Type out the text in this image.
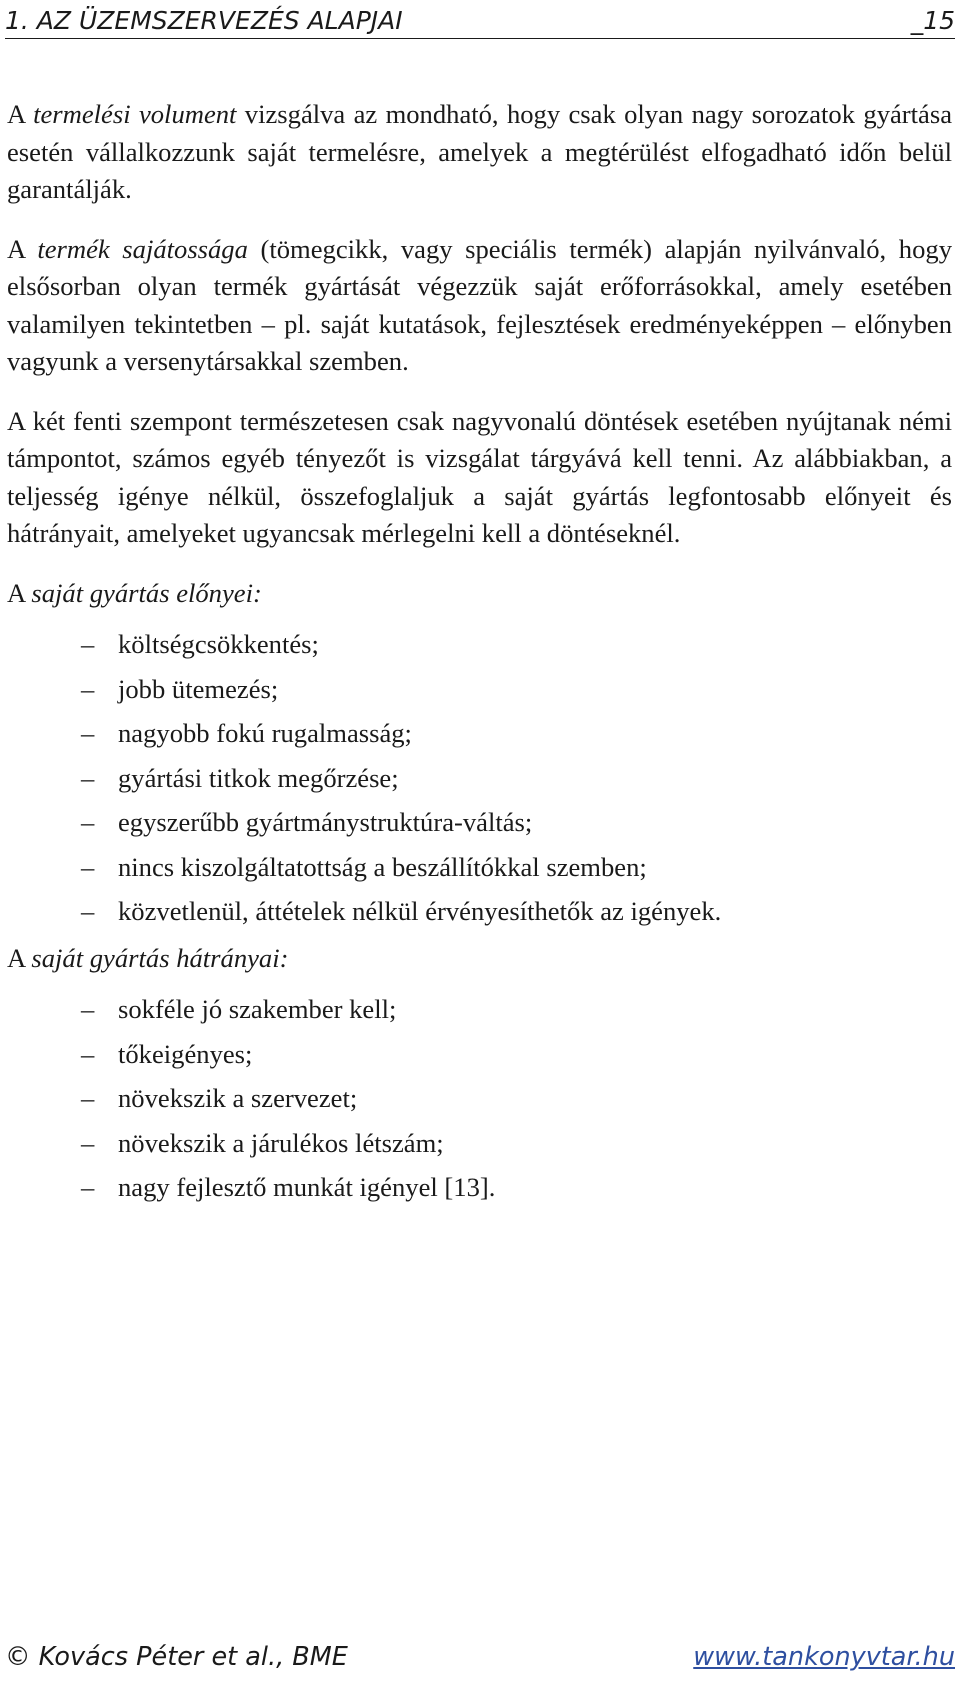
1. AZ ÜZEMSZERVEZÉS ALAPJAI	_15

A termelési volument vizsgálva az mondható, hogy csak olyan nagy sorozatok gyártása esetén vállalkozzunk saját termelésre, amelyek a megtérülést elfogadható időn belül garantálják.

A termék sajátossága (tömegcikk, vagy speciális termék) alapján nyilvánvaló, hogy elsősorban olyan termék gyártását végezzük saját erőforrásokkal, amely esetében valamilyen tekintetben – pl. saját kutatások, fejlesztések eredményeképpen – előnyben vagyunk a versenytársakkal szemben.

A két fenti szempont természetesen csak nagyvonalú döntések esetében nyújtanak némi támpontot, számos egyéb tényezőt is vizsgálat tárgyává kell tenni. Az alábbiakban, a teljesség igénye nélkül, összefoglaljuk a saját gyártás legfontosabb előnyeit és hátrányait, amelyeket ugyancsak mérlegelni kell a döntéseknél.

A saját gyártás előnyei:

– költségcsökkentés;
– jobb ütemezés;
– nagyobb fokú rugalmasság;
– gyártási titkok megőrzése;
– egyszerűbb gyártmánystruktúra-váltás;
– nincs kiszolgáltatottság a beszállítókkal szemben;
– közvetlenül, áttételek nélkül érvényesíthetők az igények.

A saját gyártás hátrányai:

– sokféle jó szakember kell;
– tőkeigényes;
– növekszik a szervezet;
– növekszik a járulékos létszám;
– nagy fejlesztő munkát igényel [13].
© Kovács Péter et al., BME	www.tankonyvtar.hu
